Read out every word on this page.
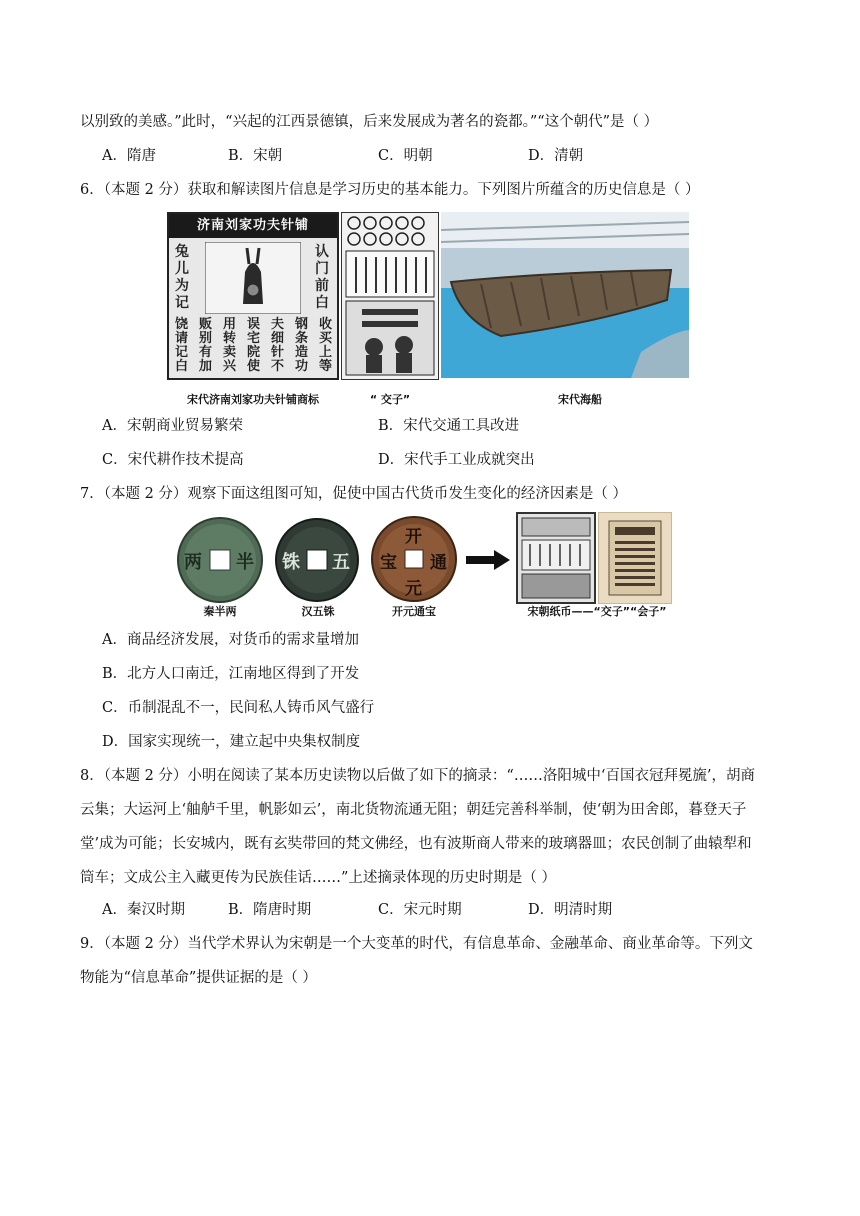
以别致的美感。”此时，“兴起的江西景德镇，后来发展成为著名的瓷都。”“这个朝代”是（ ）
A．隋唐	B．宋朝	C．明朝	D．清朝
6．（本题 2 分）获取和解读图片信息是学习历史的基本能力。下列图片所蕴含的历史信息是（ ）
济南刘家功夫针铺
兔儿为记
认门前白
饶请记白
贩别有加
用转卖兴
误宅院使
夫细针不
钢条造功
收买上等
宋代济南刘家功夫针铺商标	“ 交子”	宋代海船
A．宋朝商业贸易繁荣	B．宋代交通工具改进
C．宋代耕作技术提高	D．宋代手工业成就突出
7．（本题 2 分）观察下面这组图可知，促使中国古代货币发生变化的经济因素是（ ）
两 半 铢 五
开
通
元
宝
秦半两	汉五铢	开元通宝	宋朝纸币——“交子”“会子”
A．商品经济发展，对货币的需求量增加
B．北方人口南迁，江南地区得到了开发
C．币制混乱不一，民间私人铸币风气盛行
D．国家实现统一，建立起中央集权制度
8．（本题 2 分）小明在阅读了某本历史读物以后做了如下的摘录：“……洛阳城中‘百国衣冠拜冕旒’，胡商
云集；大运河上‘舳舻千里，帆影如云’，南北货物流通无阻；朝廷完善科举制，使‘朝为田舍郎，暮登天子
堂’成为可能；长安城内，既有玄奘带回的梵文佛经，也有波斯商人带来的玻璃器皿；农民创制了曲辕犁和
筒车；文成公主入藏更传为民族佳话……”上述摘录体现的历史时期是（ ）
A．秦汉时期	B．隋唐时期	C．宋元时期	D．明清时期
9．（本题 2 分）当代学术界认为宋朝是一个大变革的时代，有信息革命、金融革命、商业革命等。下列文
物能为“信息革命”提供证据的是（ ）
